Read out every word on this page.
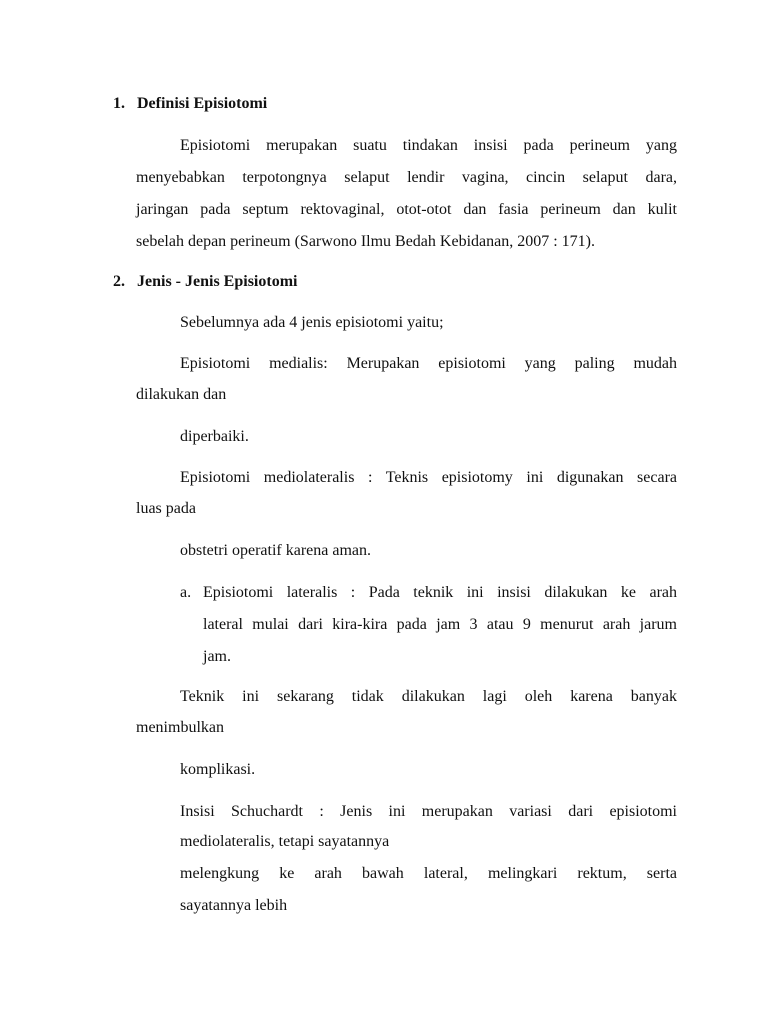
1. Definisi Episiotomi
Episiotomi merupakan suatu tindakan insisi pada perineum yang
menyebabkan terpotongnya selaput lendir vagina, cincin selaput dara,
jaringan pada septum rektovaginal, otot-otot dan fasia perineum dan kulit
sebelah depan perineum (Sarwono Ilmu Bedah Kebidanan, 2007 : 171).
2. Jenis - Jenis Episiotomi
Sebelumnya ada 4 jenis episiotomi yaitu;
Episiotomi medialis: Merupakan episiotomi yang paling mudah
dilakukan dan
diperbaiki.
Episiotomi mediolateralis : Teknis episiotomy ini digunakan secara
luas pada
obstetri operatif karena aman.
a. Episiotomi lateralis : Pada teknik ini insisi dilakukan ke arah
lateral mulai dari kira-kira pada jam 3 atau 9 menurut arah jarum
jam.
Teknik ini sekarang tidak dilakukan lagi oleh karena banyak
menimbulkan
komplikasi.
Insisi Schuchardt : Jenis ini merupakan variasi dari episiotomi
mediolateralis, tetapi sayatannya
melengkung ke arah bawah lateral, melingkari rektum, serta
sayatannya lebih
